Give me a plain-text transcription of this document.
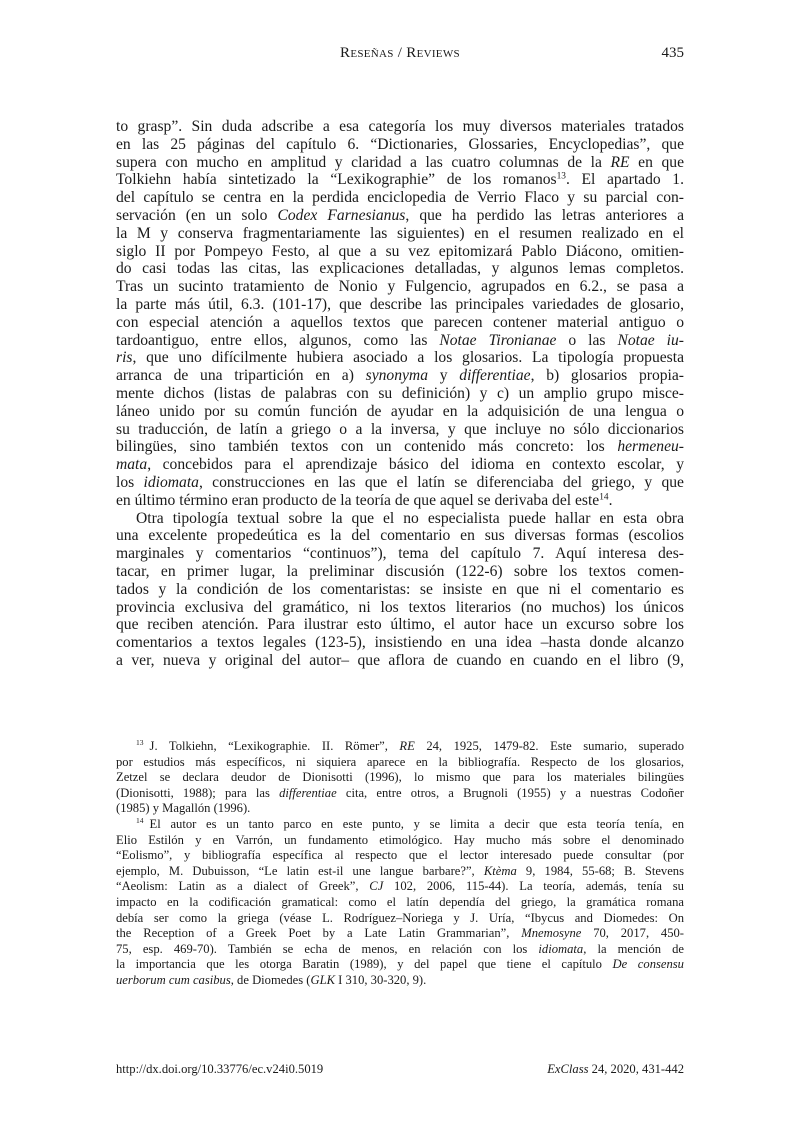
Reseñas / Reviews	435
to grasp”. Sin duda adscribe a esa categoría los muy diversos materiales tratados
en las 25 páginas del capítulo 6. “Dictionaries, Glossaries, Encyclopedias”, que
supera con mucho en amplitud y claridad a las cuatro columnas de la RE en que
Tolkiehn había sintetizado la “Lexikographie” de los romanos$^{13}$. El apartado 1.
del capítulo se centra en la perdida enciclopedia de Verrio Flaco y su parcial con-
servación (en un solo Codex Farnesianus, que ha perdido las letras anteriores a
la M y conserva fragmentariamente las siguientes) en el resumen realizado en el
siglo II por Pompeyo Festo, al que a su vez epitomizará Pablo Diácono, omitien-
do casi todas las citas, las explicaciones detalladas, y algunos lemas completos.
Tras un sucinto tratamiento de Nonio y Fulgencio, agrupados en 6.2., se pasa a
la parte más útil, 6.3. (101-17), que describe las principales variedades de glosario,
con especial atención a aquellos textos que parecen contener material antiguo o
tardoantiguo, entre ellos, algunos, como las Notae Tironianae o las Notae iu-
ris, que uno difícilmente hubiera asociado a los glosarios. La tipología propuesta
arranca de una tripartición en a) synonyma y differentiae, b) glosarios propia-
mente dichos (listas de palabras con su definición) y c) un amplio grupo misce-
láneo unido por su común función de ayudar en la adquisición de una lengua o
su traducción, de latín a griego o a la inversa, y que incluye no sólo diccionarios
bilingües, sino también textos con un contenido más concreto: los hermeneu-
mata, concebidos para el aprendizaje básico del idioma en contexto escolar, y
los idiomata, construcciones en las que el latín se diferenciaba del griego, y que
en último término eran producto de la teoría de que aquel se derivaba del este$^{14}$.
Otra tipología textual sobre la que el no especialista puede hallar en esta obra
una excelente propedeútica es la del comentario en sus diversas formas (escolios
marginales y comentarios “continuos”), tema del capítulo 7. Aquí interesa des-
tacar, en primer lugar, la preliminar discusión (122-6) sobre los textos comen-
tados y la condición de los comentaristas: se insiste en que ni el comentario es
provincia exclusiva del gramático, ni los textos literarios (no muchos) los únicos
que reciben atención. Para ilustrar esto último, el autor hace un excurso sobre los
comentarios a textos legales (123-5), insistiendo en una idea –hasta donde alcanzo
a ver, nueva y original del autor– que aflora de cuando en cuando en el libro (9,
$^{13}$ J. Tolkiehn, “Lexikographie. II. Römer”, RE 24, 1925, 1479-82. Este sumario, superado
por estudios más específicos, ni siquiera aparece en la bibliografía. Respecto de los glosarios,
Zetzel se declara deudor de Dionisotti (1996), lo mismo que para los materiales bilingües
(Dionisotti, 1988); para las differentiae cita, entre otros, a Brugnoli (1955) y a nuestras Codoñer
(1985) y Magallón (1996).
$^{14}$ El autor es un tanto parco en este punto, y se limita a decir que esta teoría tenía, en
Elio Estilón y en Varrón, un fundamento etimológico. Hay mucho más sobre el denominado
“Eolismo”, y bibliografía específica al respecto que el lector interesado puede consultar (por
ejemplo, M. Dubuisson, “Le latin est-il une langue barbare?”, Ktèma 9, 1984, 55-68; B. Stevens
“Aeolism: Latin as a dialect of Greek”, CJ 102, 2006, 115-44). La teoría, además, tenía su
impacto en la codificación gramatical: como el latín dependía del griego, la gramática romana
debía ser como la griega (véase L. Rodríguez–Noriega y J. Uría, “Ibycus and Diomedes: On
the Reception of a Greek Poet by a Late Latin Grammarian”, Mnemosyne 70, 2017, 450-
75, esp. 469-70). También se echa de menos, en relación con los idiomata, la mención de
la importancia que les otorga Baratin (1989), y del papel que tiene el capítulo De consensu
uerborum cum casibus, de Diomedes (GLK I 310, 30-320, 9).
http://dx.doi.org/10.33776/ec.v24i0.5019	ExClass 24, 2020, 431-442
